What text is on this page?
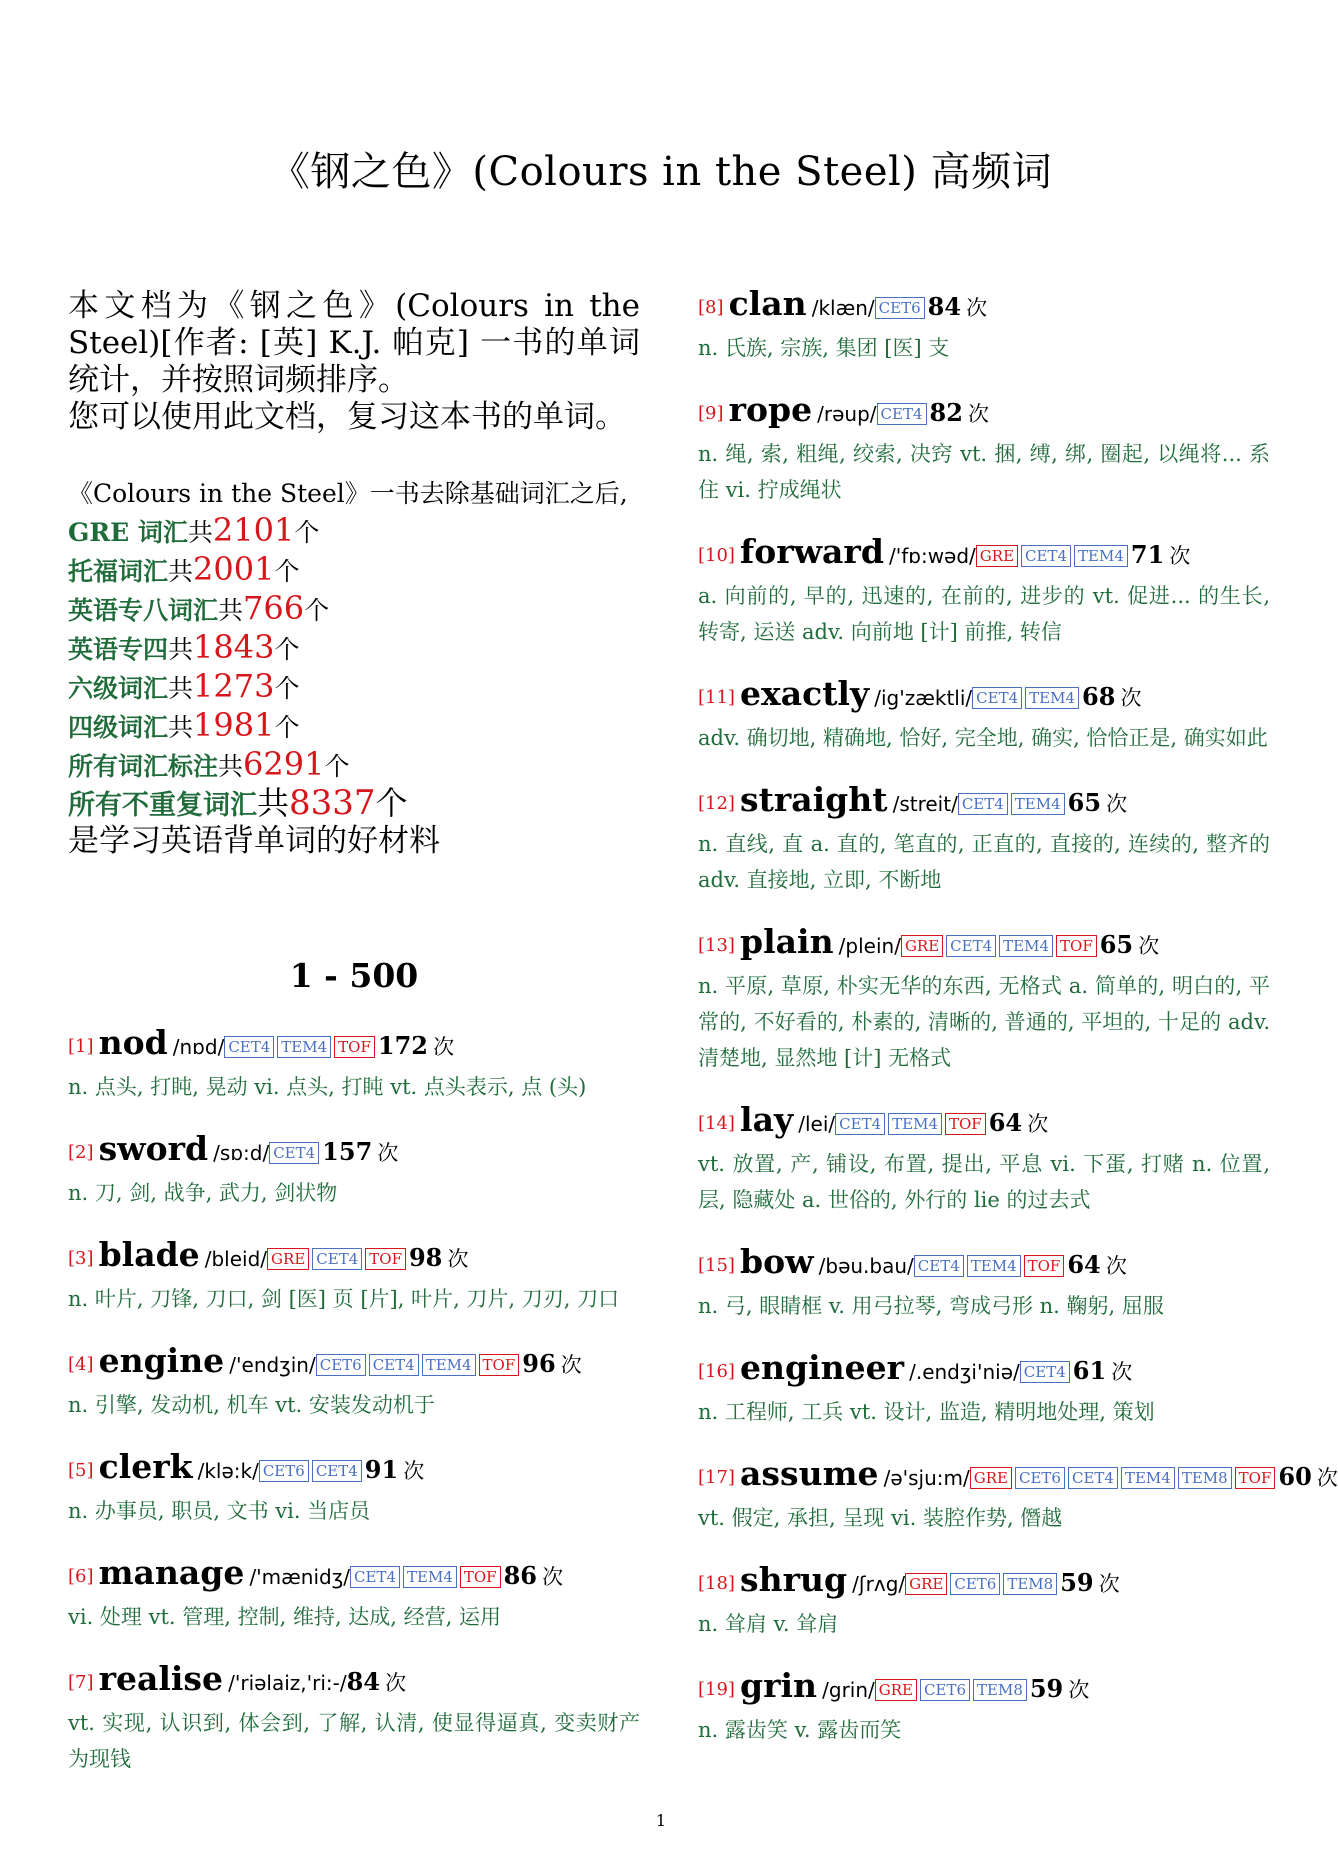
《钢之色》(Colours in the Steel) 高频词
本文档为《钢之色》(Colours in the Steel)[作者: [英] K.J. 帕克] 一书的单词统计，并按照词频排序。
您可以使用此文档，复习这本书的单词。
《Colours in the Steel》一书去除基础词汇之后,
GRE 词汇共2101个
托福词汇共2001个
英语专八词汇共766个
英语专四共1843个
六级词汇共1273个
四级词汇共1981个
所有词汇标注共6291个
所有不重复词汇共8337个
是学习英语背单词的好材料
1 - 500
[1] nod /nɒd/ CET4 TEM4 TOF 172 次
n. 点头, 打盹, 晃动 vi. 点头, 打盹 vt. 点头表示, 点 (头)
[2] sword /sɒ:d/ CET4 157 次
n. 刀, 剑, 战争, 武力, 剑状物
[3] blade /bleid/ GRE CET4 TOF 98 次
n. 叶片, 刀锋, 刀口, 剑 [医] 页 [片], 叶片, 刀片, 刀刃, 刀口
[4] engine /'endʒin/ CET6 CET4 TEM4 TOF 96 次
n. 引擎, 发动机, 机车 vt. 安装发动机于
[5] clerk /klə:k/ CET6 CET4 91 次
n. 办事员, 职员, 文书 vi. 当店员
[6] manage /'mænidʒ/ CET4 TEM4 TOF 86 次
vi. 处理 vt. 管理, 控制, 维持, 达成, 经营, 运用
[7] realise /'riəlaiz,'ri:-/84 次
vt. 实现, 认识到, 体会到, 了解, 认清, 使显得逼真, 变卖财产为现钱
[8] clan /klæn/ CET6 84 次
n. 氏族, 宗族, 集团 [医] 支
[9] rope /rəup/ CET4 82 次
n. 绳, 索, 粗绳, 绞索, 决窍 vt. 捆, 缚, 绑, 圈起, 以绳将... 系住 vi. 拧成绳状
[10] forward /'fɒ:wəd/ GRE CET4 TEM4 71 次
a. 向前的, 早的, 迅速的, 在前的, 进步的 vt. 促进... 的生长, 转寄, 运送 adv. 向前地 [计] 前推, 转信
[11] exactly /ig'zæktli/ CET4 TEM4 68 次
adv. 确切地, 精确地, 恰好, 完全地, 确实, 恰恰正是, 确实如此
[12] straight /streit/ CET4 TEM4 65 次
n. 直线, 直 a. 直的, 笔直的, 正直的, 直接的, 连续的, 整齐的 adv. 直接地, 立即, 不断地
[13] plain /plein/ GRE CET4 TEM4 TOF 65 次
n. 平原, 草原, 朴实无华的东西, 无格式 a. 简单的, 明白的, 平常的, 不好看的, 朴素的, 清晰的, 普通的, 平坦的, 十足的 adv. 清楚地, 显然地 [计] 无格式
[14] lay /lei/ CET4 TEM4 TOF 64 次
vt. 放置, 产, 铺设, 布置, 提出, 平息 vi. 下蛋, 打赌 n. 位置, 层, 隐藏处 a. 世俗的, 外行的 lie 的过去式
[15] bow /bəu.bau/ CET4 TEM4 TOF 64 次
n. 弓, 眼睛框 v. 用弓拉琴, 弯成弓形 n. 鞠躬, 屈服
[16] engineer /.endʒi'niə/ CET4 61 次
n. 工程师, 工兵 vt. 设计, 监造, 精明地处理, 策划
[17] assume /ə'sju:m/ GRE CET6 CET4 TEM4 TEM8 TOF 60 次
vt. 假定, 承担, 呈现 vi. 装腔作势, 僭越
[18] shrug /ʃrʌg/ GRE CET6 TEM8 59 次
n. 耸肩 v. 耸肩
[19] grin /grin/ GRE CET6 TEM8 59 次
n. 露齿笑 v. 露齿而笑
1
